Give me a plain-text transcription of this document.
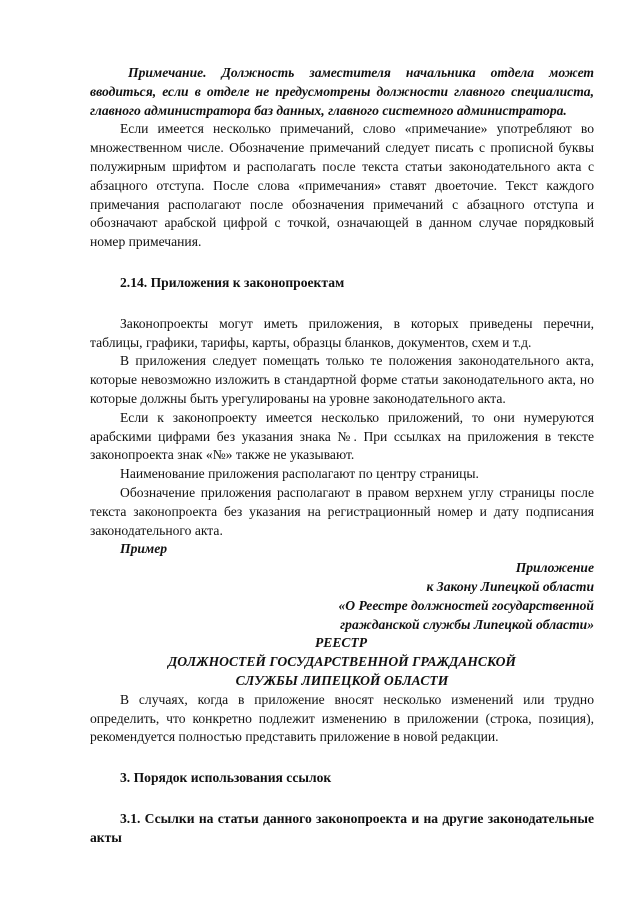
Примечание. Должность заместителя начальника отдела может вводиться, если в отделе не предусмотрены должности главного специалиста, главного администратора баз данных, главного системного администратора.

Если имеется несколько примечаний, слово «примечание» употребляют во множественном числе. Обозначение примечаний следует писать с прописной буквы полужирным шрифтом и располагать после текста статьи законодательного акта с абзацного отступа. После слова «примечания» ставят двоеточие. Текст каждого примечания располагают после обозначения примечаний с абзацного отступа и обозначают арабской цифрой с точкой, означающей в данном случае порядковый номер примечания.

2.14. Приложения к законопроектам

Законопроекты могут иметь приложения, в которых приведены перечни, таблицы, графики, тарифы, карты, образцы бланков, документов, схем и т.д.

В приложения следует помещать только те положения законодательного акта, которые невозможно изложить в стандартной форме статьи законодательного акта, но которые должны быть урегулированы на уровне законодательного акта.

Если к законопроекту имеется несколько приложений, то они нумеруются арабскими цифрами без указания знака №. При ссылках на приложения в тексте законопроекта знак «№» также не указывают.

Наименование приложения располагают по центру страницы.

Обозначение приложения располагают в правом верхнем углу страницы после текста законопроекта без указания на регистрационный номер и дату подписания законодательного акта.

Пример

Приложение

к Закону Липецкой области

«О Реестре должностей государственной

гражданской службы Липецкой области»

РЕЕСТР

ДОЛЖНОСТЕЙ ГОСУДАРСТВЕННОЙ ГРАЖДАНСКОЙ

СЛУЖБЫ ЛИПЕЦКОЙ ОБЛАСТИ

В случаях, когда в приложение вносят несколько изменений или трудно определить, что конкретно подлежит изменению в приложении (строка, позиция), рекомендуется полностью представить приложение в новой редакции.

3. Порядок использования ссылок

3.1. Ссылки на статьи данного законопроекта и на другие законодательные акты
